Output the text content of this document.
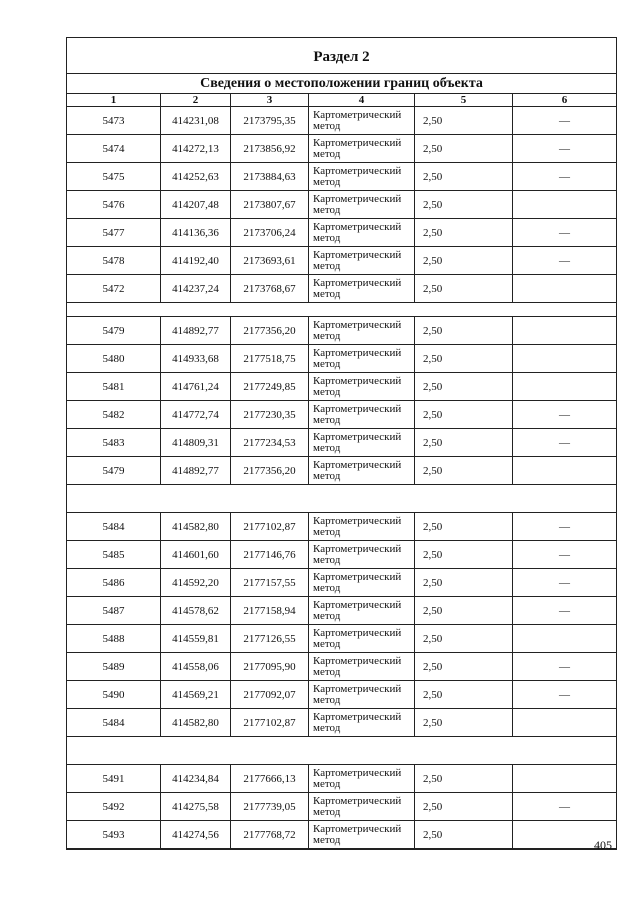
Раздел 2
Сведения о местоположении границ объекта
1	2	3	4	5	6
5473	414231,08 2173795,35 Картометрический
метод	2,50	—
5474	414272,13 2173856,92 Картометрический
метод	2,50	—
5475	414252,63 2173884,63 Картометрический
метод	2,50	—
5476	414207,48 2173807,67 Картометрический
метод	2,50
5477	414136,36 2173706,24 Картометрический
метод	2,50	—
5478	414192,40 2173693,61 Картометрический
метод	2,50	—
5472	414237,24 2173768,67 Картометрический
метод	2,50
5479	414892,77 2177356,20 Картометрический
метод	2,50
5480	414933,68 2177518,75 Картометрический
метод	2,50
5481	414761,24 2177249,85 Картометрический
метод	2,50
5482	414772,74 2177230,35 Картометрический
метод	2,50	—
5483	414809,31 2177234,53 Картометрический
метод	2,50	—
5479	414892,77 2177356,20 Картометрический
метод	2,50
5484	414582,80 2177102,87 Картометрический
метод	2,50	—
5485	414601,60 2177146,76 Картометрический
метод	2,50	—
5486	414592,20 2177157,55 Картометрический
метод	2,50	—
5487	414578,62 2177158,94 Картометрический
метод	2,50	—
5488	414559,81 2177126,55 Картометрический
метод	2,50
5489	414558,06 2177095,90 Картометрический
метод	2,50	—
5490	414569,21 2177092,07 Картометрический
метод	2,50	—
5484	414582,80 2177102,87 Картометрический
метод	2,50
5491	414234,84 2177666,13 Картометрический
метод	2,50
5492	414275,58 2177739,05 Картометрический
метод	2,50	—
5493	414274,56 2177768,72 Картометрический
метод	2,50
405
